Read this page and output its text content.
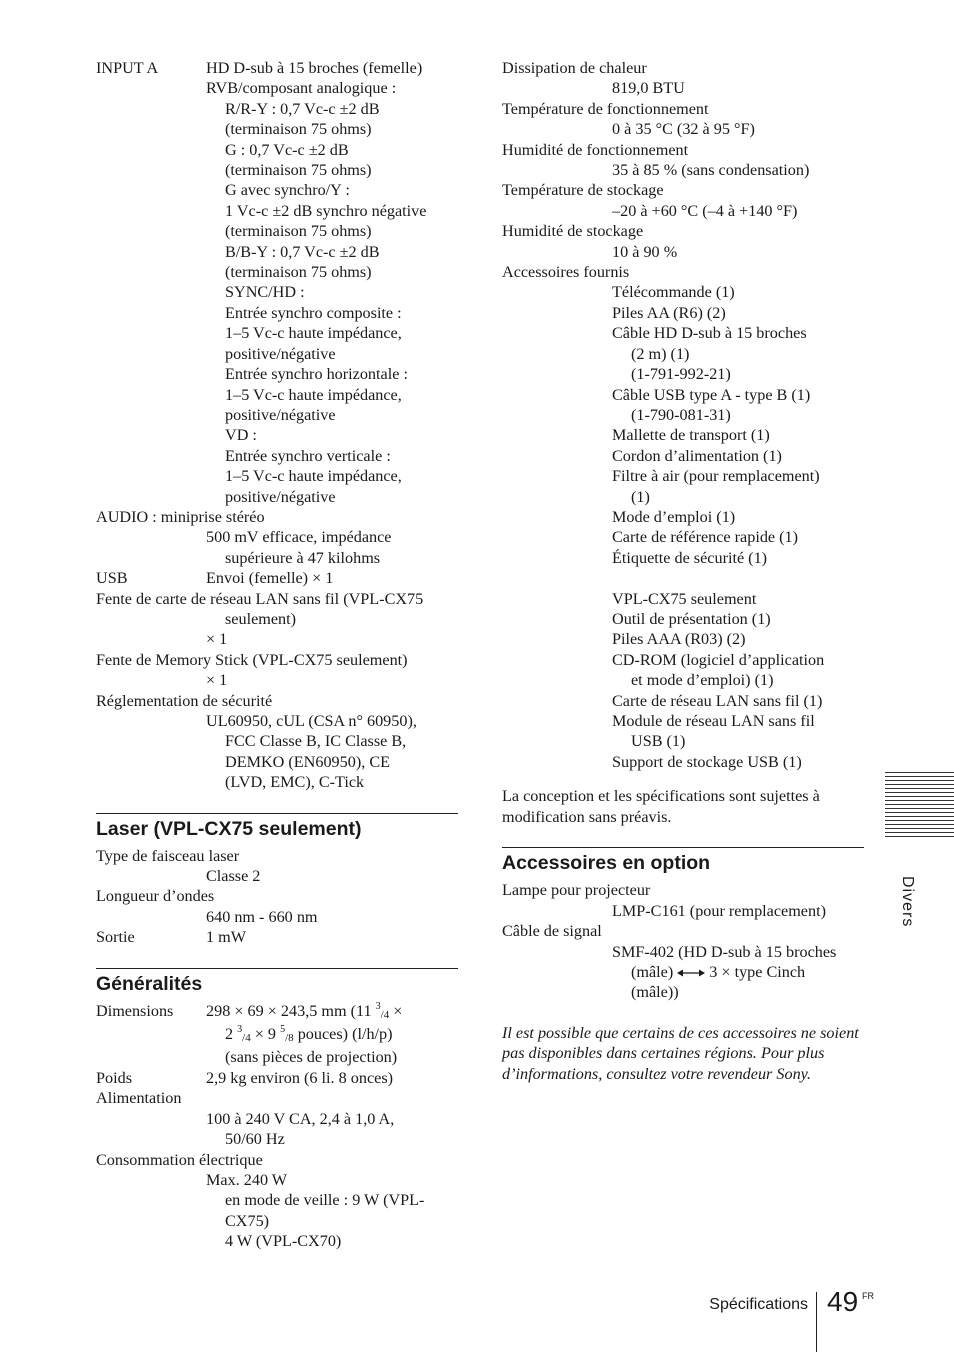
INPUT A	HD D-sub à 15 broches (femelle)
RVB/composant analogique :
R/R-Y : 0,7 Vc-c ±2 dB
(terminaison 75 ohms)
G : 0,7 Vc-c ±2 dB
(terminaison 75 ohms)
G avec synchro/Y :
1 Vc-c ±2 dB synchro négative
(terminaison 75 ohms)
B/B-Y : 0,7 Vc-c ±2 dB
(terminaison 75 ohms)
SYNC/HD :
Entrée synchro composite :
1–5 Vc-c haute impédance,
positive/négative
Entrée synchro horizontale :
1–5 Vc-c haute impédance,
positive/négative
VD :
Entrée synchro verticale :
1–5 Vc-c haute impédance,
positive/négative
AUDIO : miniprise stéréo
500 mV efficace, impédance
supérieure à 47 kilohms
USB	Envoi (femelle) × 1
Fente de carte de réseau LAN sans fil (VPL-CX75
seulement)
× 1
Fente de Memory Stick (VPL-CX75 seulement)
× 1
Réglementation de sécurité
UL60950, cUL (CSA n° 60950),
FCC Classe B, IC Classe B,
DEMKO (EN60950), CE
(LVD, EMC), C-Tick
Laser (VPL-CX75 seulement)
Type de faisceau laser
Classe 2
Longueur d’ondes
640 nm - 660 nm
Sortie	1 mW
Généralités
Dimensions 298 × 69 × 243,5 mm (11 $^3$/4 ×
2 $^3$/4 × 9 $^5$/8 pouces) (l/h/p)
(sans pièces de projection)
Poids	2,9 kg environ (6 li. 8 onces)
Alimentation
100 à 240 V CA, 2,4 à 1,0 A,
50/60 Hz
Consommation électrique
Max. 240 W
en mode de veille : 9 W (VPL-
CX75)
4 W (VPL-CX70)
Dissipation de chaleur
819,0 BTU
Température de fonctionnement
0 à 35 °C (32 à 95 °F)
Humidité de fonctionnement
35 à 85 % (sans condensation)
Température de stockage
–20 à +60 °C (–4 à +140 °F)
Humidité de stockage
10 à 90 %
Accessoires fournis
Télécommande (1)
Piles AA (R6) (2)
Câble HD D-sub à 15 broches
(2 m) (1)
(1-791-992-21)
Câble USB type A - type B (1)
(1-790-081-31)
Mallette de transport (1)
Cordon d’alimentation (1)
Filtre à air (pour remplacement)
(1)
Mode d’emploi (1)
Carte de référence rapide (1)
Étiquette de sécurité (1)

VPL-CX75 seulement
Outil de présentation (1)
Piles AAA (R03) (2)
CD-ROM (logiciel d’application
et mode d’emploi) (1)
Carte de réseau LAN sans fil (1)
Module de réseau LAN sans fil
USB (1)
Support de stockage USB (1)
La conception et les spécifications sont sujettes à modification sans préavis.
Accessoires en option
Lampe pour projecteur
LMP-C161 (pour remplacement)
Câble de signal
SMF-402 (HD D-sub à 15 broches
(mâle) 3 × type Cinch
(mâle))
Il est possible que certains de ces accessoires ne soient pas disponibles dans certaines régions. Pour plus d’informations, consultez votre revendeur Sony.
Divers
Spécifications 49 FR
